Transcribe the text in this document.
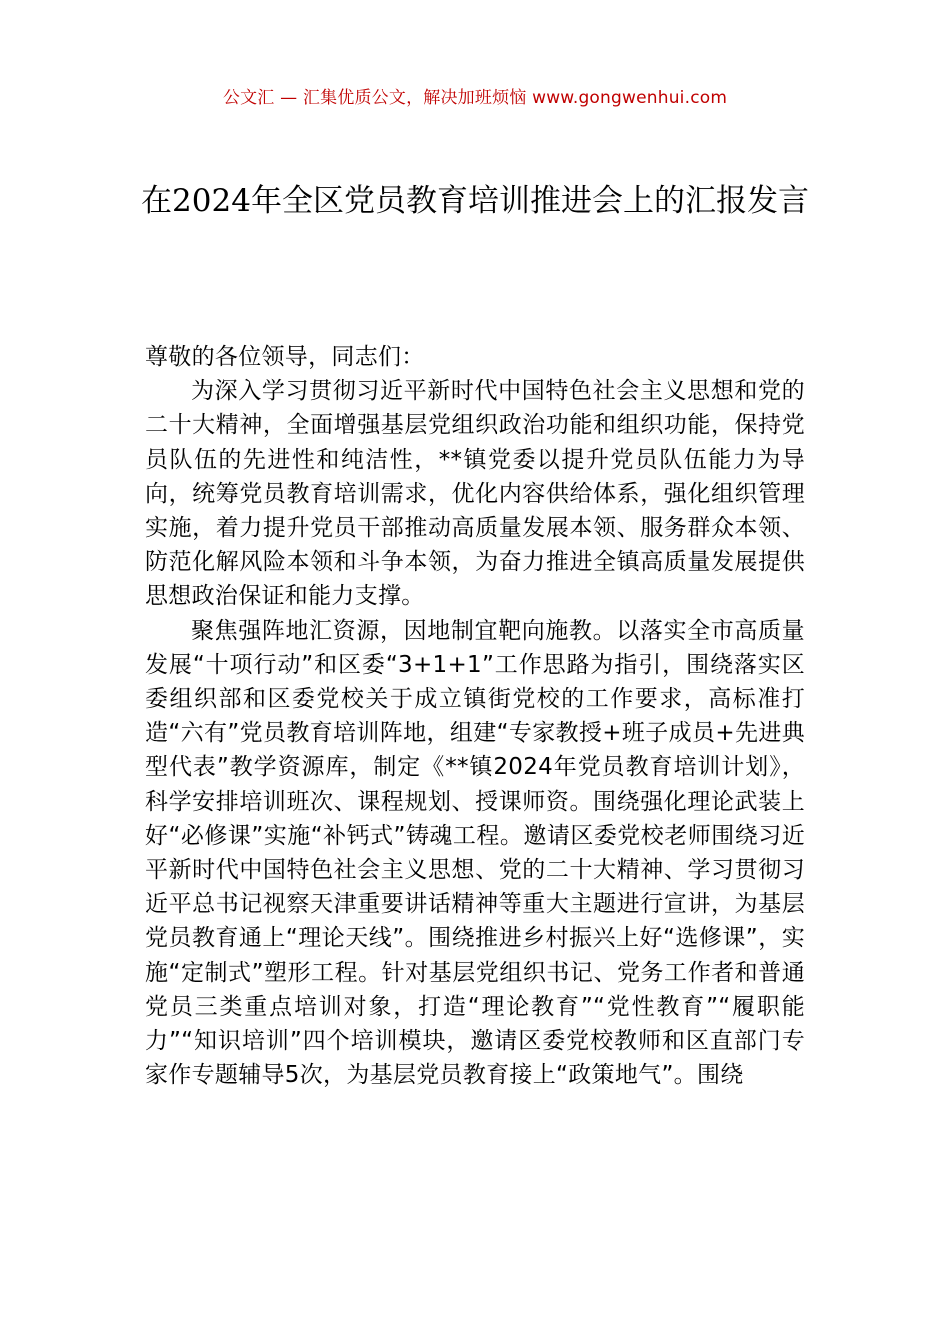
公文汇 — 汇集优质公文，解决加班烦恼 www.gongwenhui.com
在2024年全区党员教育培训推进会上的汇报发言

尊敬的各位领导，同志们：

为深入学习贯彻习近平新时代中国特色社会主义思想和党的二十大精神，全面增强基层党组织政治功能和组织功能，保持党员队伍的先进性和纯洁性，**镇党委以提升党员队伍能力为导向，统筹党员教育培训需求，优化内容供给体系，强化组织管理实施，着力提升党员干部推动高质量发展本领、服务群众本领、防范化解风险本领和斗争本领，为奋力推进全镇高质量发展提供思想政治保证和能力支撑。

聚焦强阵地汇资源，因地制宜靶向施教。以落实全市高质量发展“十项行动”和区委“3+1+1”工作思路为指引，围绕落实区委组织部和区委党校关于成立镇街党校的工作要求，高标准打造“六有”党员教育培训阵地，组建“专家教授+班子成员+先进典型代表”教学资源库，制定《**镇2024年党员教育培训计划》，科学安排培训班次、课程规划、授课师资。围绕强化理论武装上好“必修课”实施“补钙式”铸魂工程。邀请区委党校老师围绕习近平新时代中国特色社会主义思想、党的二十大精神、学习贯彻习近平总书记视察天津重要讲话精神等重大主题进行宣讲，为基层党员教育通上“理论天线”。围绕推进乡村振兴上好“选修课”，实施“定制式”塑形工程。针对基层党组织书记、党务工作者和普通党员三类重点培训对象，打造“理论教育”“党性教育”“履职能力”“知识培训”四个培训模块，邀请区委党校教师和区直部门专家作专题辅导5次，为基层党员教育接上“政策地气”。围绕
